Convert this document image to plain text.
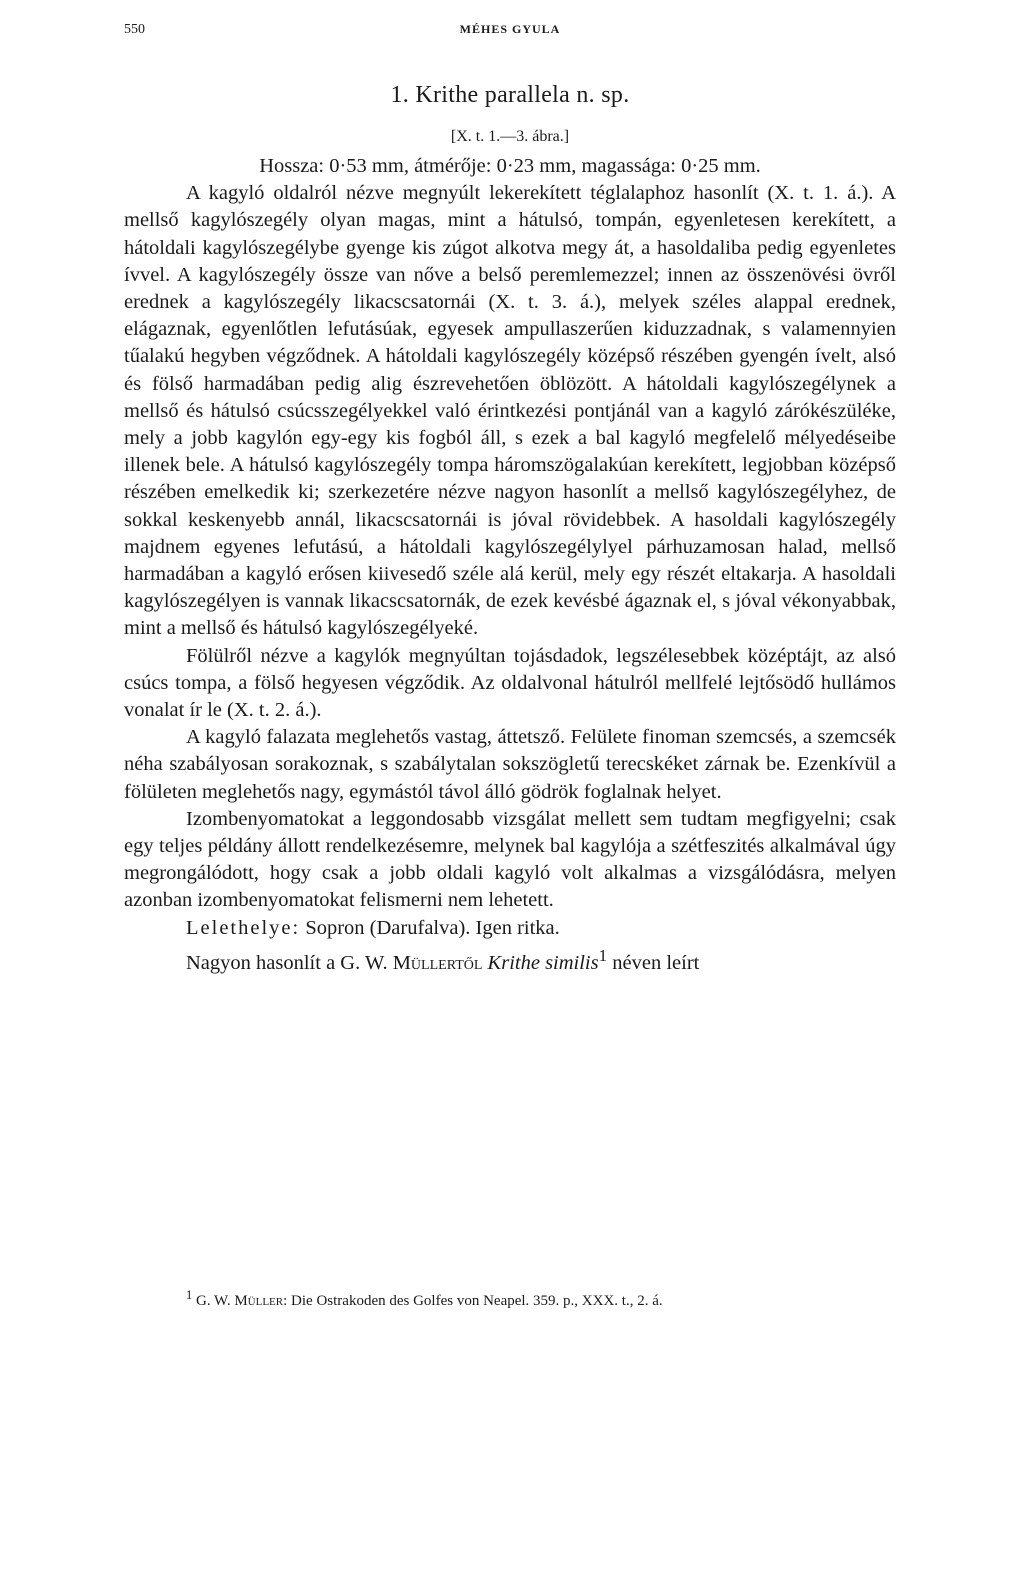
550	MÉHES GYULA
1. Krithe parallela n. sp.
[X. t. 1.—3. ábra.]

Hossza: 0·53 mm, átmérője: 0·23 mm, magassága: 0·25 mm.

A kagyló oldalról nézve megnyúlt lekerekített téglalaphoz hasonlít (X. t. 1. á.). A mellső kagylószegély olyan magas, mint a hátulsó, tompán, egyenletesen kerekített, a hátoldali kagylószegélybe gyenge kis zúgot alkotva megy át, a hasoldaliba pedig egyenletes ívvel. A kagylószegély össze van nőve a belső peremlemezzel; innen az összenövési övről erednek a kagylószegély likacscsatornái (X. t. 3. á.), melyek széles alappal erednek, elágaznak, egyenlőtlen lefutásúak, egyesek ampullaszerűen kiduzzadnak, s valamennyien tűalakú hegyben végződnek. A hátoldali kagylószegély középső részében gyengén ívelt, alsó és fölső harmadában pedig alig észrevehetően öblözött. A hátoldali kagylószegélynek a mellső és hátulsó csúcsszegélyekkel való érintkezési pontjánál van a kagyló zárókészüléke, mely a jobb kagylón egy-egy kis fogból áll, s ezek a bal kagyló megfelelő mélyedéseibe illenek bele. A hátulsó kagylószegély tompa háromszögalakúan kerekített, legjobban középső részében emelkedik ki; szerkezetére nézve nagyon hasonlít a mellső kagylószegélyhez, de sokkal keskenyebb annál, likacscsatornái is jóval rövidebbek. A hasoldali kagylószegély majdnem egyenes lefutású, a hátoldali kagylószegélylyel párhuzamosan halad, mellső harmadában a kagyló erősen kiivesedő széle alá kerül, mely egy részét eltakarja. A hasoldali kagylószegélyen is vannak likacscsatornák, de ezek kevésbé ágaznak el, s jóval vékonyabbak, mint a mellső és hátulsó kagylószegélyeké.

Fölülről nézve a kagylók megnyúltan tojásdadok, legszélesebbek középtájt, az alsó csúcs tompa, a fölső hegyesen végződik. Az oldalvonal hátulról mellfelé lejtősödő hullámos vonalat ír le (X. t. 2. á.).

A kagyló falazata meglehetős vastag, áttetsző. Felülete finoman szemcsés, a szemcsék néha szabályosan sorakoznak, s szabálytalan sokszögletű terecskéket zárnak be. Ezenkívül a fölületen meglehetős nagy, egymástól távol álló gödrök foglalnak helyet.

Izombenyomatokat a leggondosabb vizsgálat mellett sem tudtam megfigyelni; csak egy teljes példány állott rendelkezésemre, melynek bal kagylója a szétfeszités alkalmával úgy megrongálódott, hogy csak a jobb oldali kagyló volt alkalmas a vizsgálódásra, melyen azonban izombenyomatokat felismerni nem lehetett.

Lelethelye: Sopron (Darufalva). Igen ritka.

Nagyon hasonlít a G. W. Müllertől Krithe similis$^1$ néven leírt

$^1$ G. W. Müller: Die Ostrakoden des Golfes von Neapel. 359. p., XXX. t., 2. á.
